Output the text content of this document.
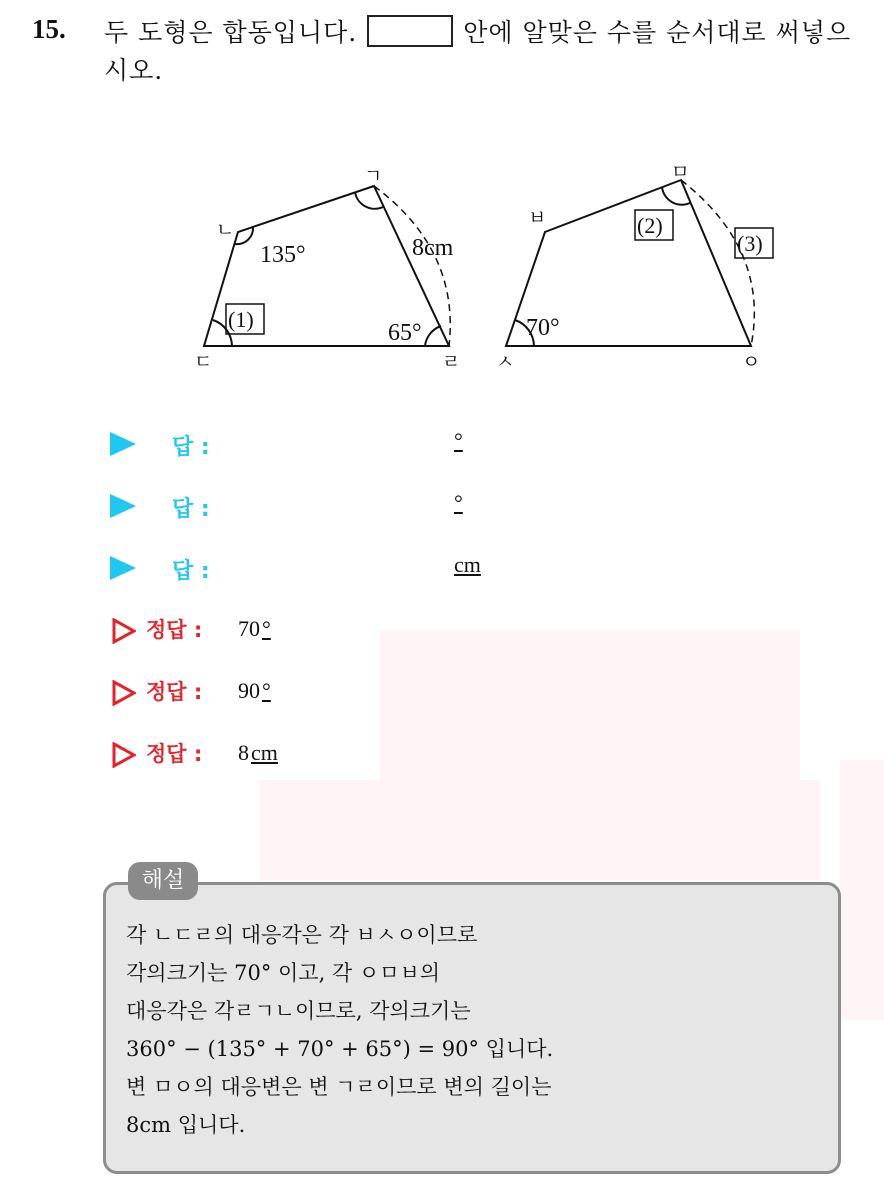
15. 두 도형은 합동입니다.	안에 알맞은 수를 순서대로 써넣으시오.
ㄱ
ㄴ
ㄷ	ㄹ
ㅁ
ㅂ
ㅅ	ㅇ
135°
65°
8cm
70°
(1)
(2)
(3)
답 :	°
답 :	°
답 :	cm
정답 : 70°
정답 : 90°
정답 : 8cm
해설
각 ㄴㄷㄹ의 대응각은 각 ㅂㅅㅇ이므로
각의크기는 70° 이고, 각 ㅇㅁㅂ의
대응각은 각ㄹㄱㄴ이므로, 각의크기는
360° − (135° + 70° + 65°) = 90° 입니다.
변 ㅁㅇ의 대응변은 변 ㄱㄹ이므로 변의 길이는
8cm 입니다.
